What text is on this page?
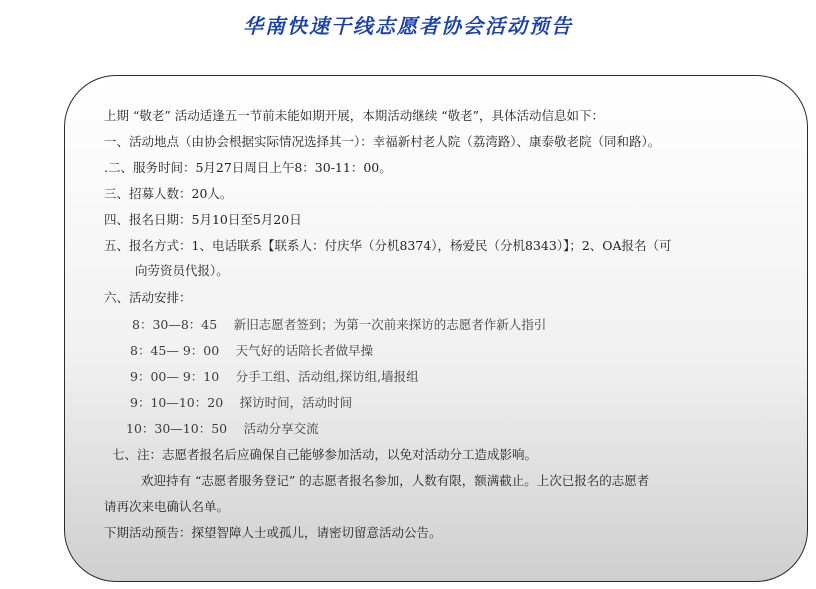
华南快速干线志愿者协会活动预告
上期 “敬老” 活动适逢五一节前未能如期开展，本期活动继续 “敬老”，具体活动信息如下：
一、活动地点（由协会根据实际情况选择其一）：幸福新村老人院（荔湾路）、康泰敬老院（同和路）。
.二、服务时间：5月27日周日上午8：30-11：00。
三、招募人数：20人。
四、报名日期：5月10日至5月20日
五、报名方式：1、电话联系【联系人：付庆华（分机8374），杨爱民（分机8343）】；2、OA报名（可
向劳资员代报）。
六、活动安排：
8：30—8：45　 新旧志愿者签到；为第一次前来探访的志愿者作新人指引
8：45— 9：00　 天气好的话陪长者做早操
9：00— 9：10　 分手工组、活动组,探访组,墙报组
9：10—10：20　 探访时间，活动时间
10：30—10：50　 活动分享交流
七、注：志愿者报名后应确保自己能够参加活动，以免对活动分工造成影响。
欢迎持有 “志愿者服务登记” 的志愿者报名参加，人数有限，额满截止。上次已报名的志愿者
请再次来电确认名单。
下期活动预告：探望智障人士或孤儿，请密切留意活动公告。
